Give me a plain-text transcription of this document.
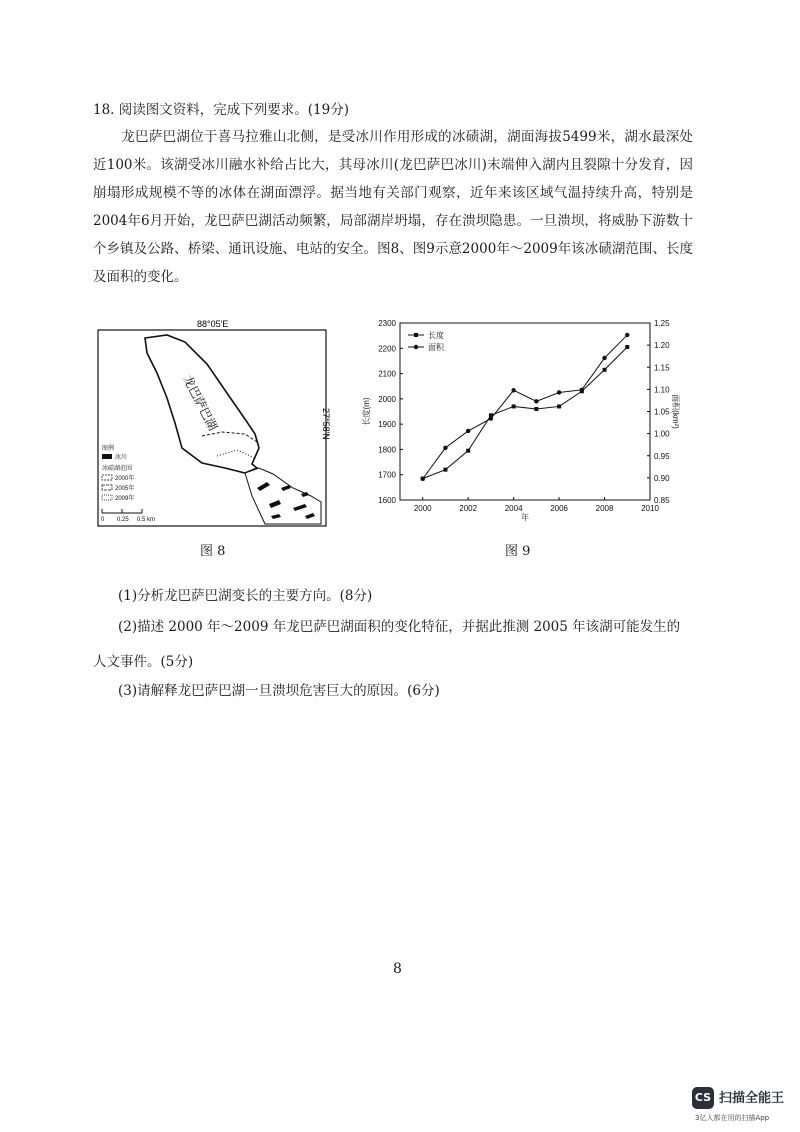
18. 阅读图文资料，完成下列要求。(19分)
龙巴萨巴湖位于喜马拉雅山北侧，是受冰川作用形成的冰碛湖，湖面海拔5499米，湖水最深处近100米。该湖受冰川融水补给占比大，其母冰川(龙巴萨巴冰川)末端伸入湖内且裂隙十分发育，因崩塌形成规模不等的冰体在湖面漂浮。据当地有关部门观察，近年来该区域气温持续升高，特别是2004年6月开始，龙巴萨巴湖活动频繁，局部湖岸坍塌，存在溃坝隐患。一旦溃坝，将威胁下游数十个乡镇及公路、桥梁、通讯设施、电站的安全。图8、图9示意2000年～2009年该冰碛湖范围、长度及面积的变化。
88°05′E
27°58′N
龙巴萨巴湖
图例
冰川
冰碛湖范围
2000年
2005年
2009年
0 0.25 0.5 km
图 8
2000	2002	2004	2006	2008	2010
年
1600
1700
1800
1900
2000
2100
2200
2300
0.85
0.90
0.95
1.00
1.05
1.10
1.15
1.20
1.25
长度(m)	面积(km²)
长度
面积
图 9
(1)分析龙巴萨巴湖变长的主要方向。(8分)
(2)描述 2000 年～2009 年龙巴萨巴湖面积的变化特征，并据此推测 2005 年该湖可能发生的
人文事件。(5分)
(3)请解释龙巴萨巴湖一旦溃坝危害巨大的原因。(6分)
8
CS 扫描全能王
3亿人都在用的扫描App
